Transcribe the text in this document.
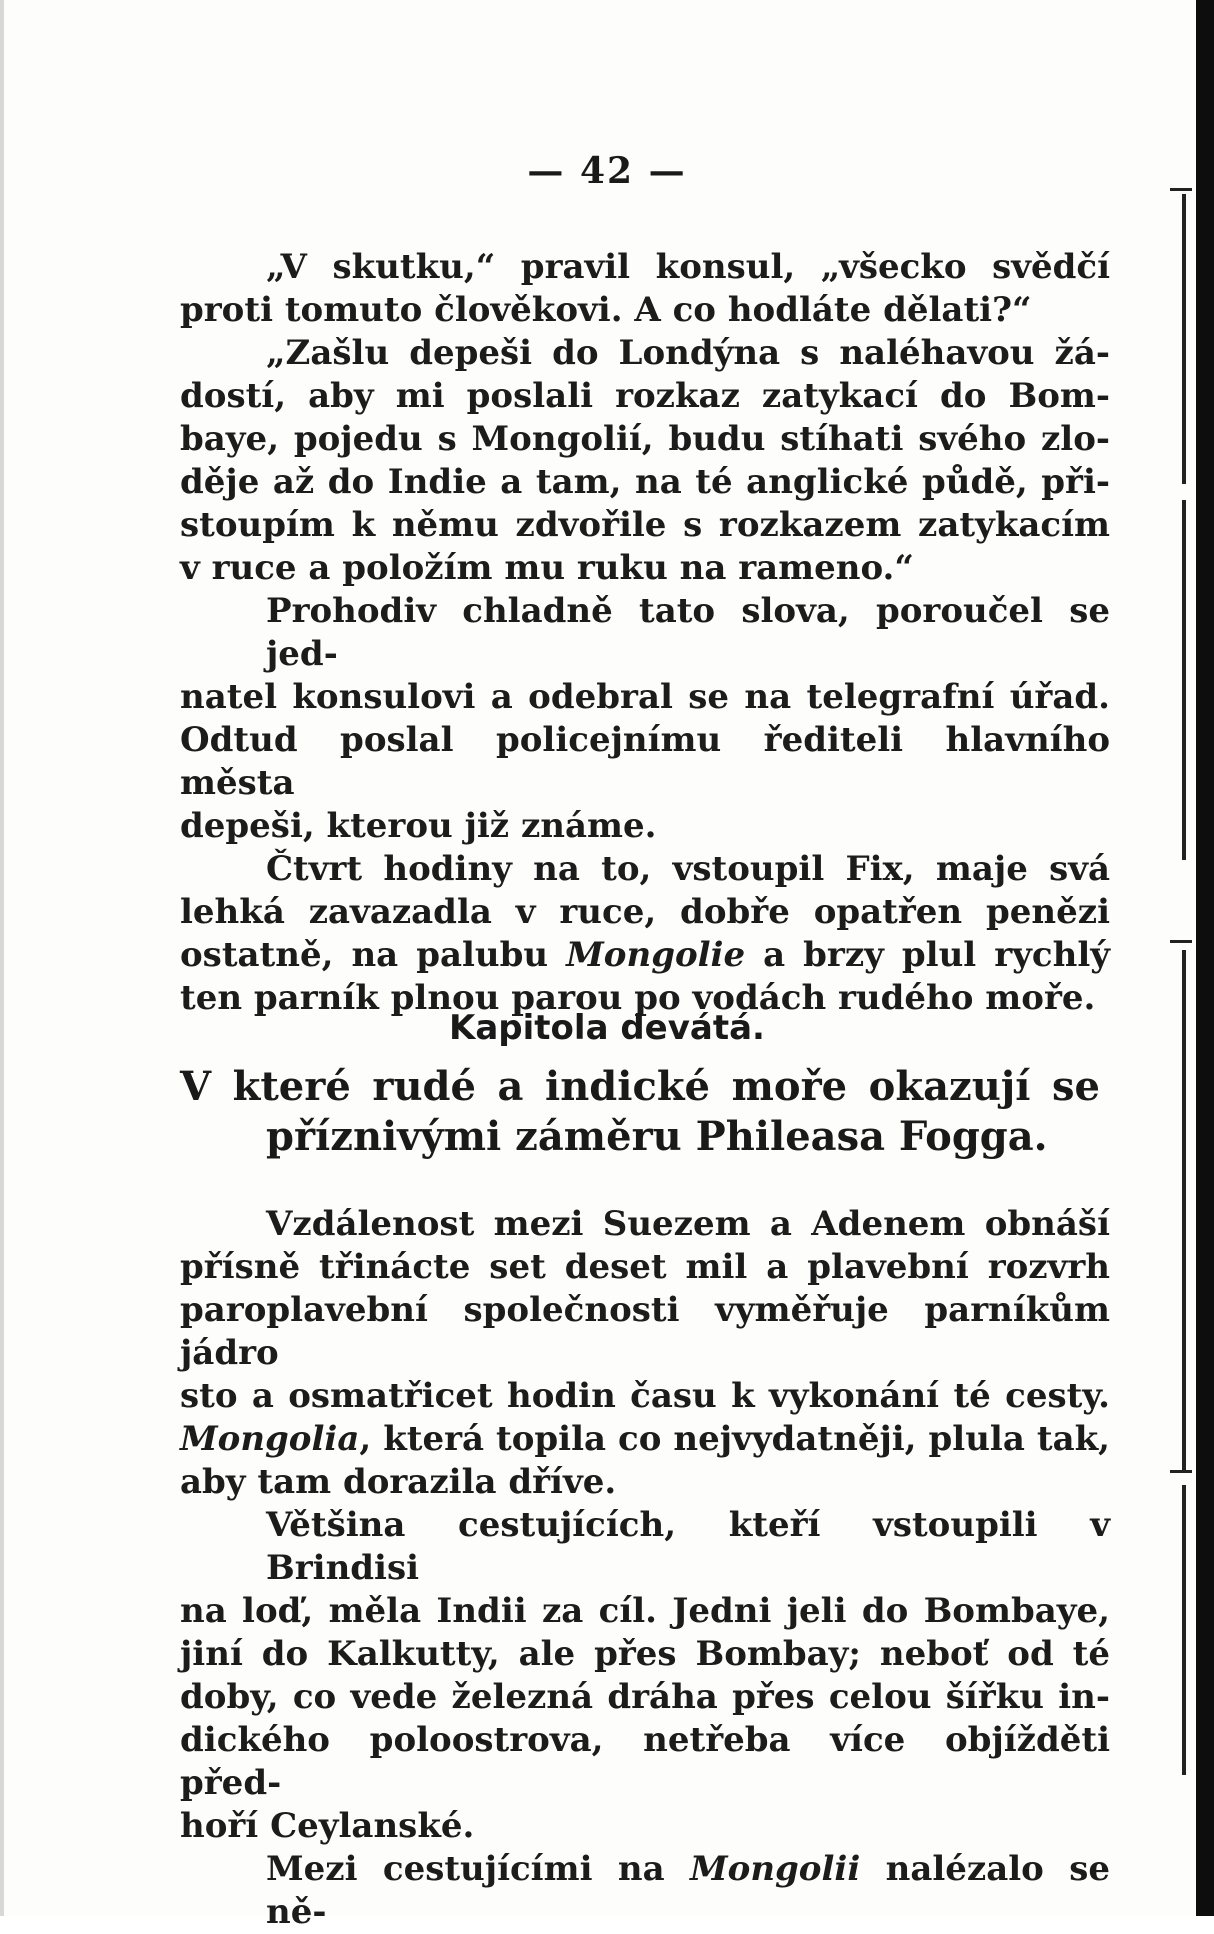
— 42 —
„V skutku,“ pravil konsul, „všecko svědčí
proti tomuto člověkovi. A co hodláte dělati?“
„Zašlu depeši do Londýna s naléhavou žá-
dostí, aby mi poslali rozkaz zatykací do Bom-
baye, pojedu s Mongolií, budu stíhati svého zlo-
děje až do Indie a tam, na té anglické půdě, při-
stoupím k němu zdvořile s rozkazem zatykacím
v ruce a položím mu ruku na rameno.“
Prohodiv chladně tato slova, poroučel se jed-
natel konsulovi a odebral se na telegrafní úřad.
Odtud poslal policejnímu řediteli hlavního města
depeši, kterou již známe.
Čtvrt hodiny na to, vstoupil Fix, maje svá
lehká zavazadla v ruce, dobře opatřen penězi
ostatně, na palubu Mongolie a brzy plul rychlý
ten parník plnou parou po vodách rudého moře.
Kapitola devátá.
V které rudé a indické moře okazují se
příznivými záměru Phileasa Fogga.
Vzdálenost mezi Suezem a Adenem obnáší
přísně třinácte set deset mil a plavební rozvrh
paroplavební společnosti vyměřuje parníkům jádro
sto a osmatřicet hodin času k vykonání té cesty.
Mongolia, která topila co nejvydatněji, plula tak,
aby tam dorazila dříve.
Většina cestujících, kteří vstoupili v Brindisi
na loď, měla Indii za cíl. Jedni jeli do Bombaye,
jiní do Kalkutty, ale přes Bombay; neboť od té
doby, co vede železná dráha přes celou šířku in-
dického poloostrova, netřeba více objížděti před-
hoří Ceylanské.
Mezi cestujícími na Mongolii nalézalo se ně-
